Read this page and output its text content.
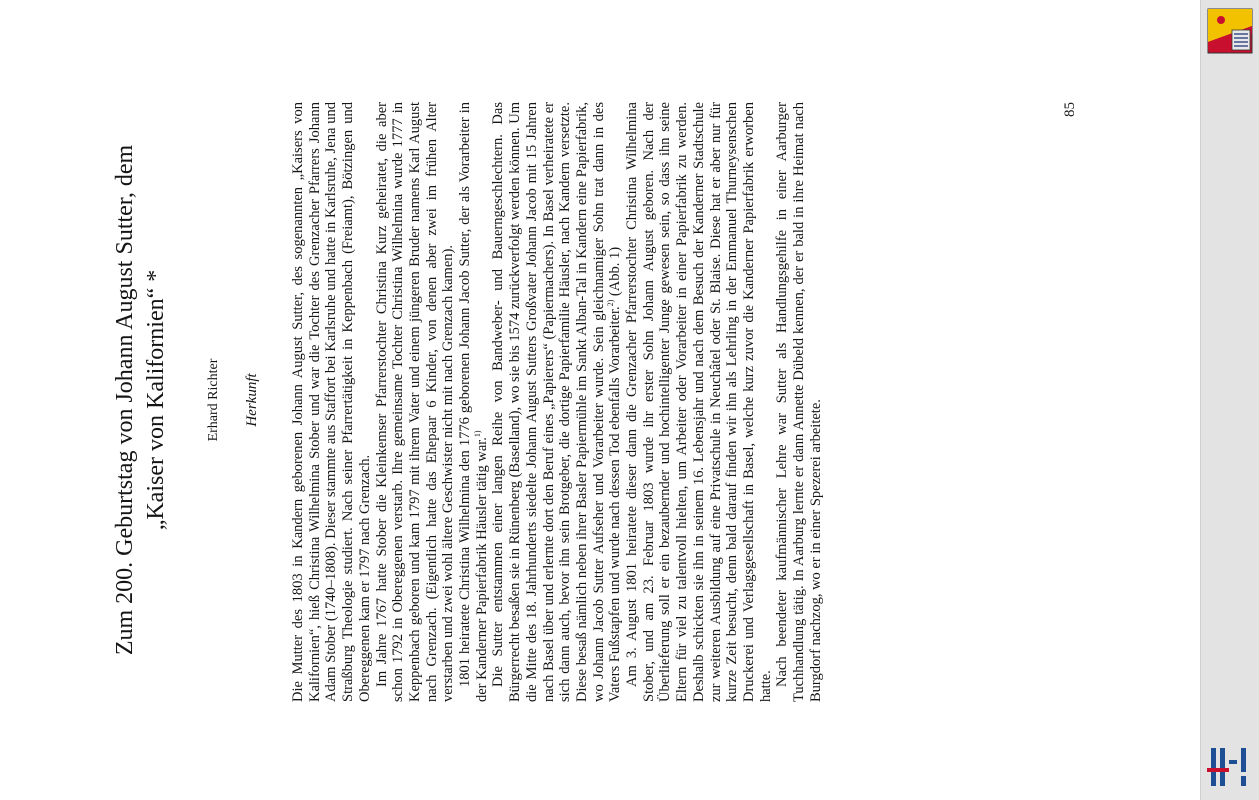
Zum 200. Geburtstag von Johann August Sutter, dem „Kaiser von Kalifornien“ *	Erhard Richter Herkunft Die Mutter des 1803 in Kandern geborenen Johann August Sutter, des sogenannten „Kaisers von Kalifornien“, hieß Christina Wilhelmina Stober und war die Tochter des Grenzacher Pfarrers Johann Adam Stober (1740–1808). Dieser stammte aus Staffort bei Karlsruhe und hatte in Karlsruhe, Jena und Straßburg Theologie studiert. Nach seiner Pfarrertätigkeit in Keppenbach (Freiamt), Bötzingen und Obereggenen kam er 1797 nach Grenzach. Im Jahre 1767 hatte Stober die Kleinkemser Pfarrerstochter Christina Kurz geheiratet, die aber schon 1792 in Obereggenen verstarb. Ihre gemeinsame Tochter Christina Wilhelmina wurde 1777 in Keppenbach geboren und kam 1797 mit ihrem Vater und einem jüngeren Bruder namens Karl August nach Grenzach. (Eigentlich hatte das Ehepaar 6 Kinder, von denen aber zwei im frühen Alter verstarben und zwei wohl ältere Geschwister nicht mit nach Grenzach kamen). 1801 heiratete Christina Wilhelmina den 1776 geborenen Johann Jacob Sutter, der als Vorarbeiter in der Kanderner Papierfabrik Häusler tätig war.$^{1)}$ Die Sutter entstammen einer langen Reihe von Bandweber- und Bauerngeschlechtern. Das Bürgerrecht besaßen sie in Rünenberg (Baselland), wo sie bis 1574 zurückverfolgt werden können. Um die Mitte des 18. Jahrhunderts siedelte Johann August Sutters Großvater Johann Jacob mit 15 Jahren nach Basel über und erlernte dort den Beruf eines „Papierers“ (Papiermachers). In Basel verheiratete er sich dann auch, bevor ihn sein Brotgeber, die dortige Papierfamilie Häusler, nach Kandern versetzte. Diese besaß nämlich neben ihrer Basler Papiermühle im Sankt Alban-Tal in Kandern eine Papierfabrik, wo Johann Jacob Sutter Aufseher und Vorarbeiter wurde. Sein gleichnamiger Sohn trat dann in des Vaters Fußstapfen und wurde nach dessen Tod ebenfalls Vorarbeiter.$^{2)}$ (Abb. 1) Am 3. August 1801 heiratete dieser dann die Grenzacher Pfarrerstochter Christina Wilhelmina Stober, und am 23. Februar 1803 wurde ihr erster Sohn Johann August geboren. Nach der Überlieferung soll er ein bezaubernder und hochintelligenter Junge gewesen sein, so dass ihn seine Eltern für viel zu talentvoll hielten, um Arbeiter oder Vorarbeiter in einer Papierfabrik zu werden. Deshalb schickten sie ihn in seinem 16. Lebensjahr und nach dem Besuch der Kanderner Stadtschule zur weiteren Ausbildung auf eine Privatschule in Neuchâtel oder St. Blaise. Diese hat er aber nur für kurze Zeit besucht, denn bald darauf finden wir ihn als Lehrling in der Emmanuel Thurneysenschen Druckerei und Verlagsgesellschaft in Basel, welche kurz zuvor die Kanderner Papierfabrik erworben hatte. Nach beendeter kaufmännischer Lehre war Sutter als Handlungsgehilfe in einer Aarburger Tuchhandlung tätig. In Aarburg lernte er dann Annette Dübeld kennen, der er bald in ihre Heimat nach Burgdorf nachzog, wo er in einer Spezerei arbeitete.

85
